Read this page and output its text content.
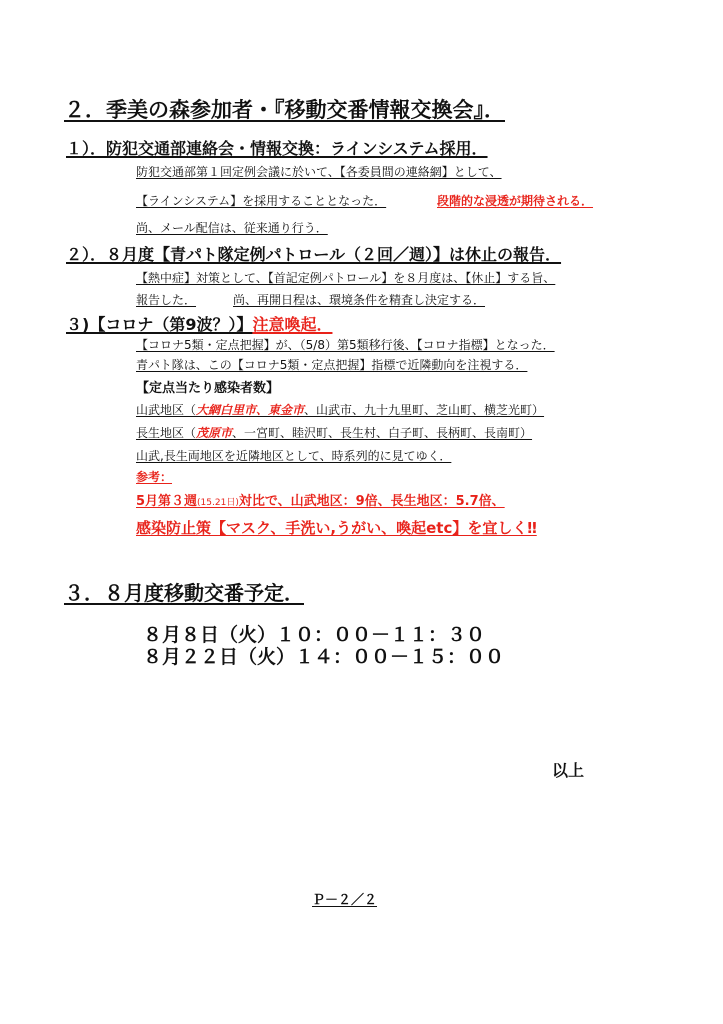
２．季美の森参加者・『移動交番情報交換会』．
１）．防犯交通部連絡会・情報交換：ラインシステム採用．
防犯交通部第１回定例会議に於いて、【各委員間の連絡網】として、
【ラインシステム】を採用することとなった．	段階的な浸透が期待される．
尚、メール配信は、従来通り行う．
２）．８月度【青パト隊定例パトロール（２回／週）】は休止の報告．
【熱中症】対策として、【首記定例パトロール】を８月度は、【休止】する旨、
報告した．	尚、再開日程は、環境条件を精査し決定する．
３)【コロナ（第9波？）】注意喚起．
【コロナ5類・定点把握】が、（5/8）第5類移行後、【コロナ指標】となった．
青パト隊は、この【コロナ5類・定点把握】指標で近隣動向を注視する．
【定点当たり感染者数】
山武地区（大網白里市、東金市、山武市、九十九里町、芝山町、横芝光町）
長生地区（茂原市、一宮町、睦沢町、長生村、白子町、長柄町、長南町）
山武,長生両地区を近隣地区として、時系列的に見てゆく．
参考：
5月第３週(15.21日)対比で、山武地区：9倍、長生地区：5.7倍、
感染防止策【マスク、手洗い,うがい、喚起etc】を宜しく‼
３．８月度移動交番予定．
８月８日（火）１０：００－１１：３０
８月２２日（火）１４：００－１５：００
以上
Ｐ－２／２
